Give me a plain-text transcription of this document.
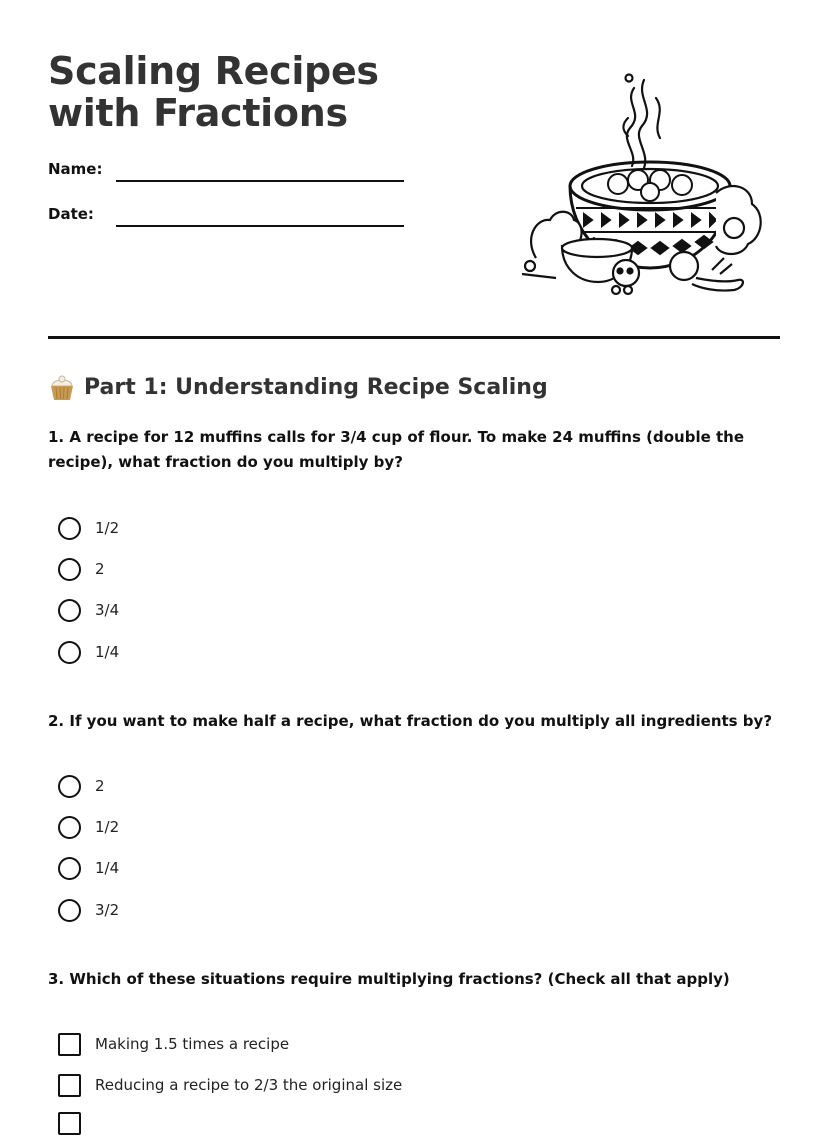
Scaling Recipes with Fractions
Name:
Date:
Part 1: Understanding Recipe Scaling

1. A recipe for 12 muffins calls for 3/4 cup of flour. To make 24 muffins (double the recipe), what fraction do you multiply by?

1/2
2
3/4
1/4

2. If you want to make half a recipe, what fraction do you multiply all ingredients by?

2
1/2
1/4
3/2

3. Which of these situations require multiplying fractions? (Check all that apply)

Making 1.5 times a recipe
Reducing a recipe to 2/3 the original size
